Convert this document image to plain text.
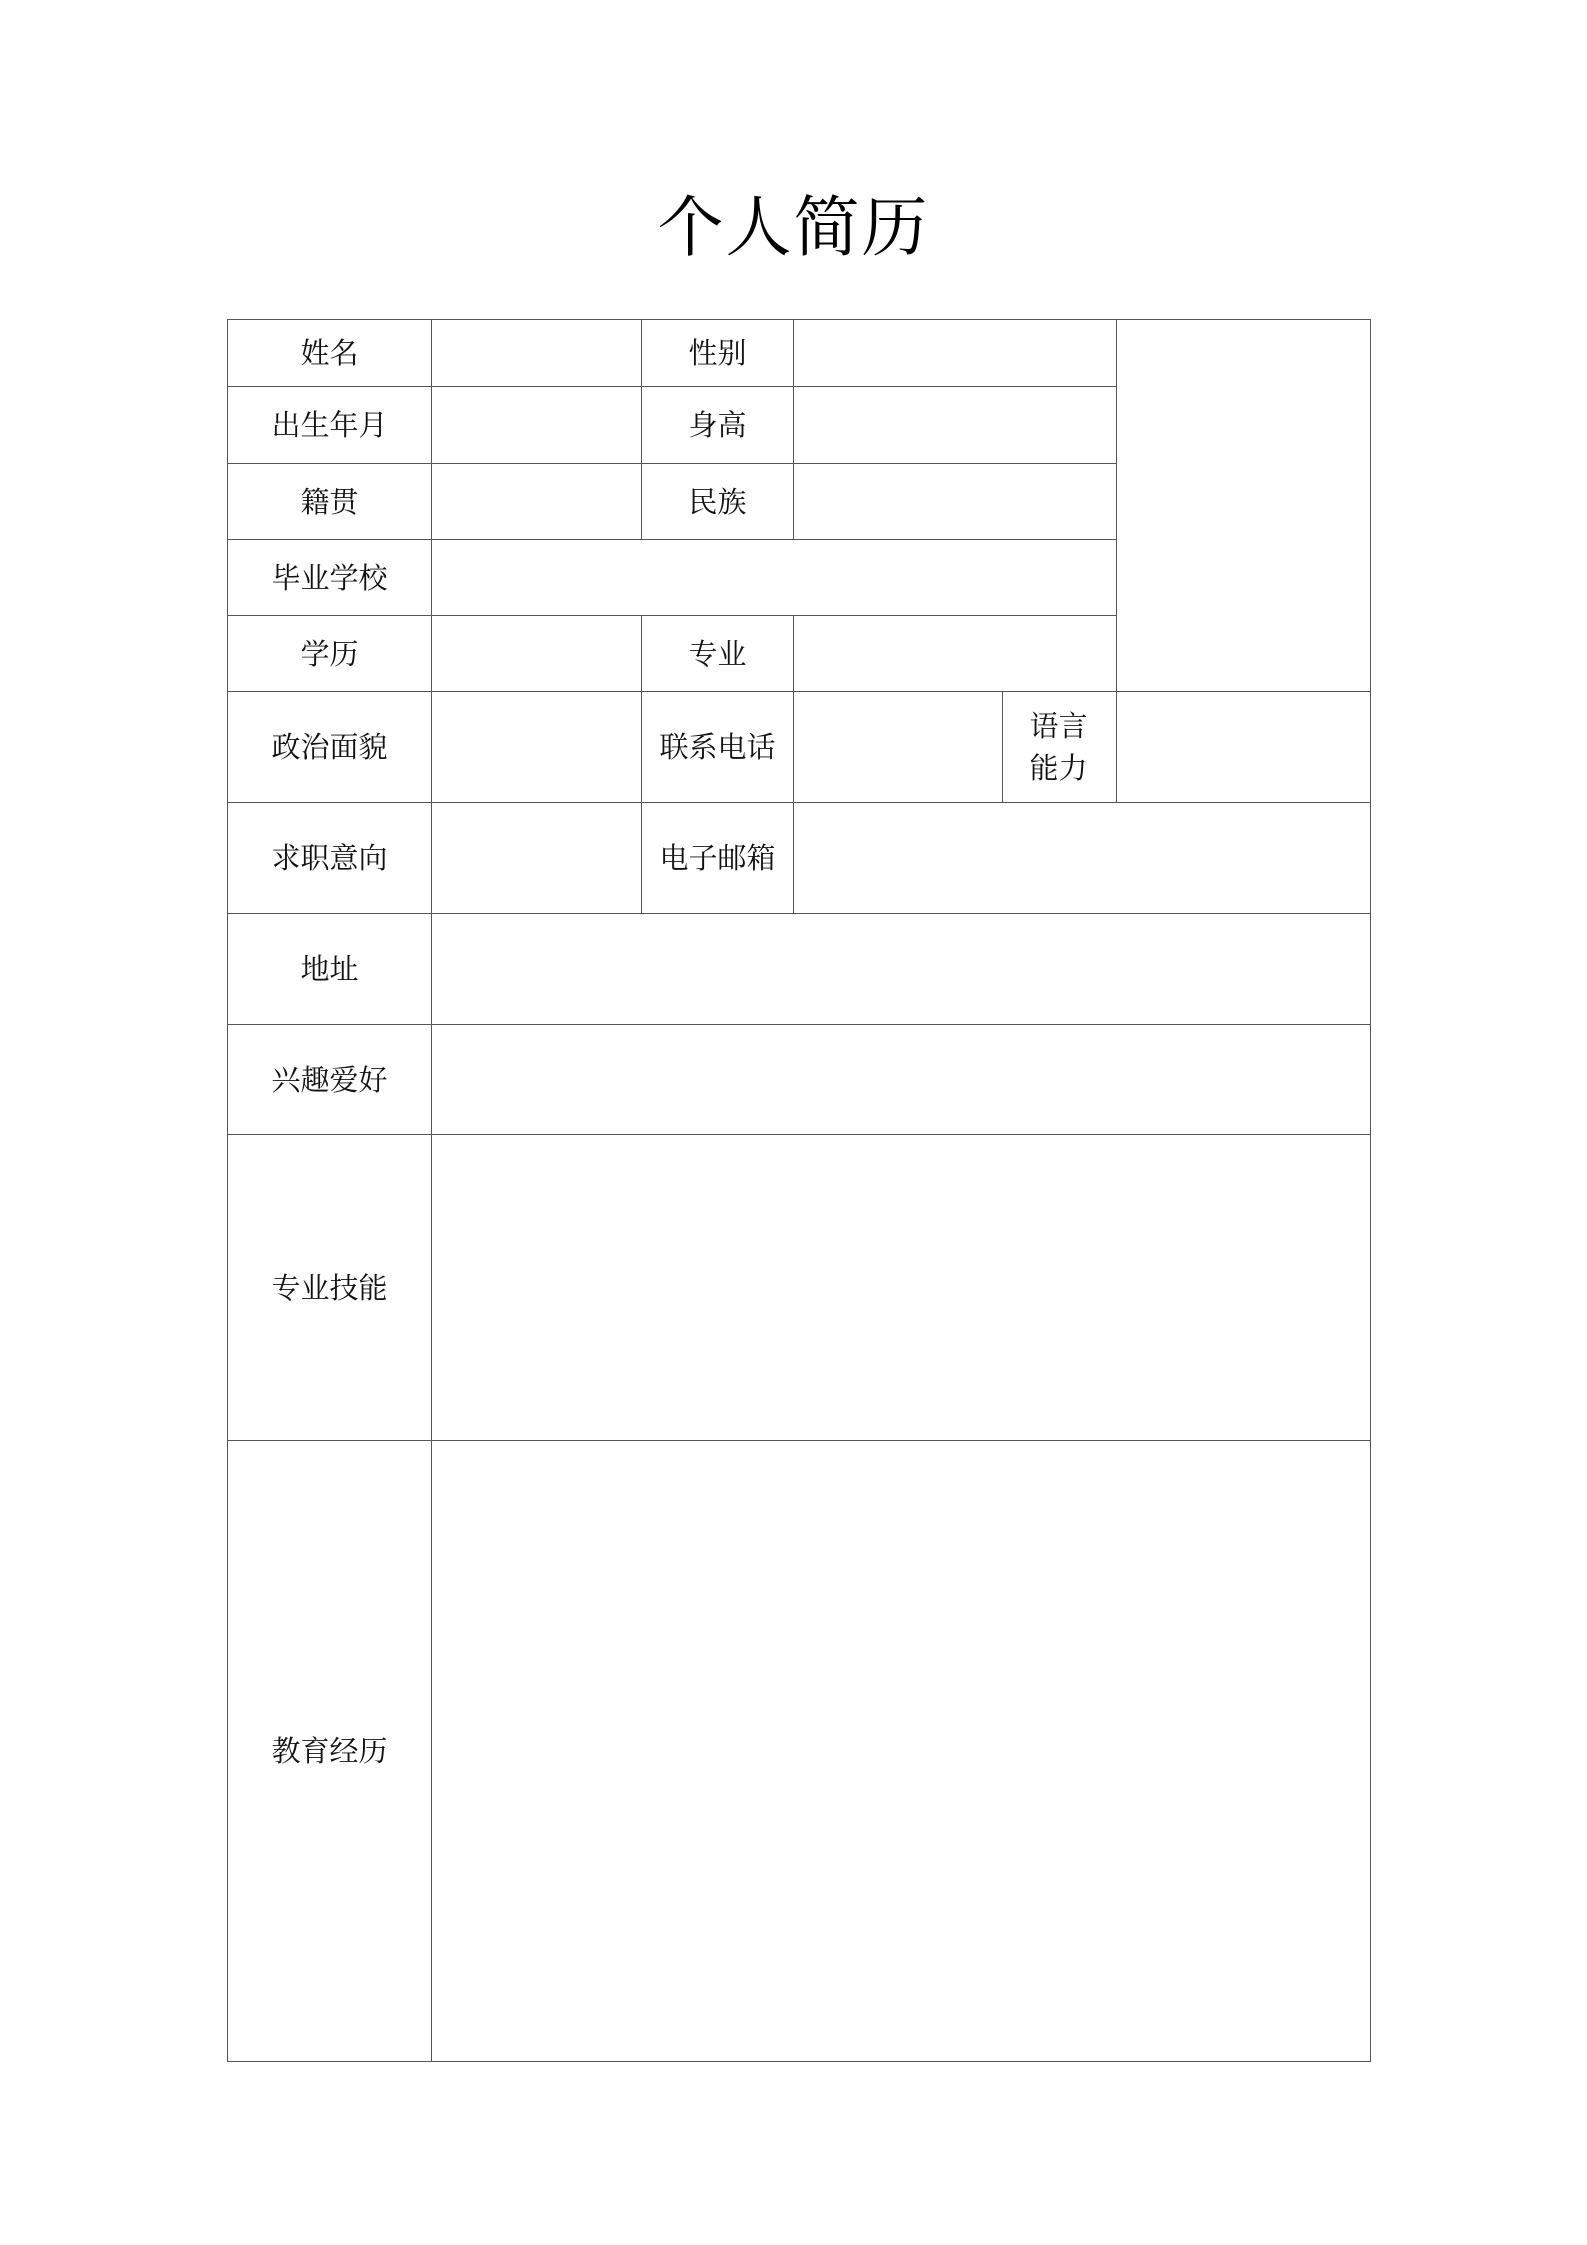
个人简历
姓名		性别			
出生年月		身高			
籍贯		民族			
毕业学校					
学历		专业			
政治面貌		联系电话		语言能力	
求职意向		电子邮箱			
地址					
兴趣爱好					
专业技能					
教育经历					
